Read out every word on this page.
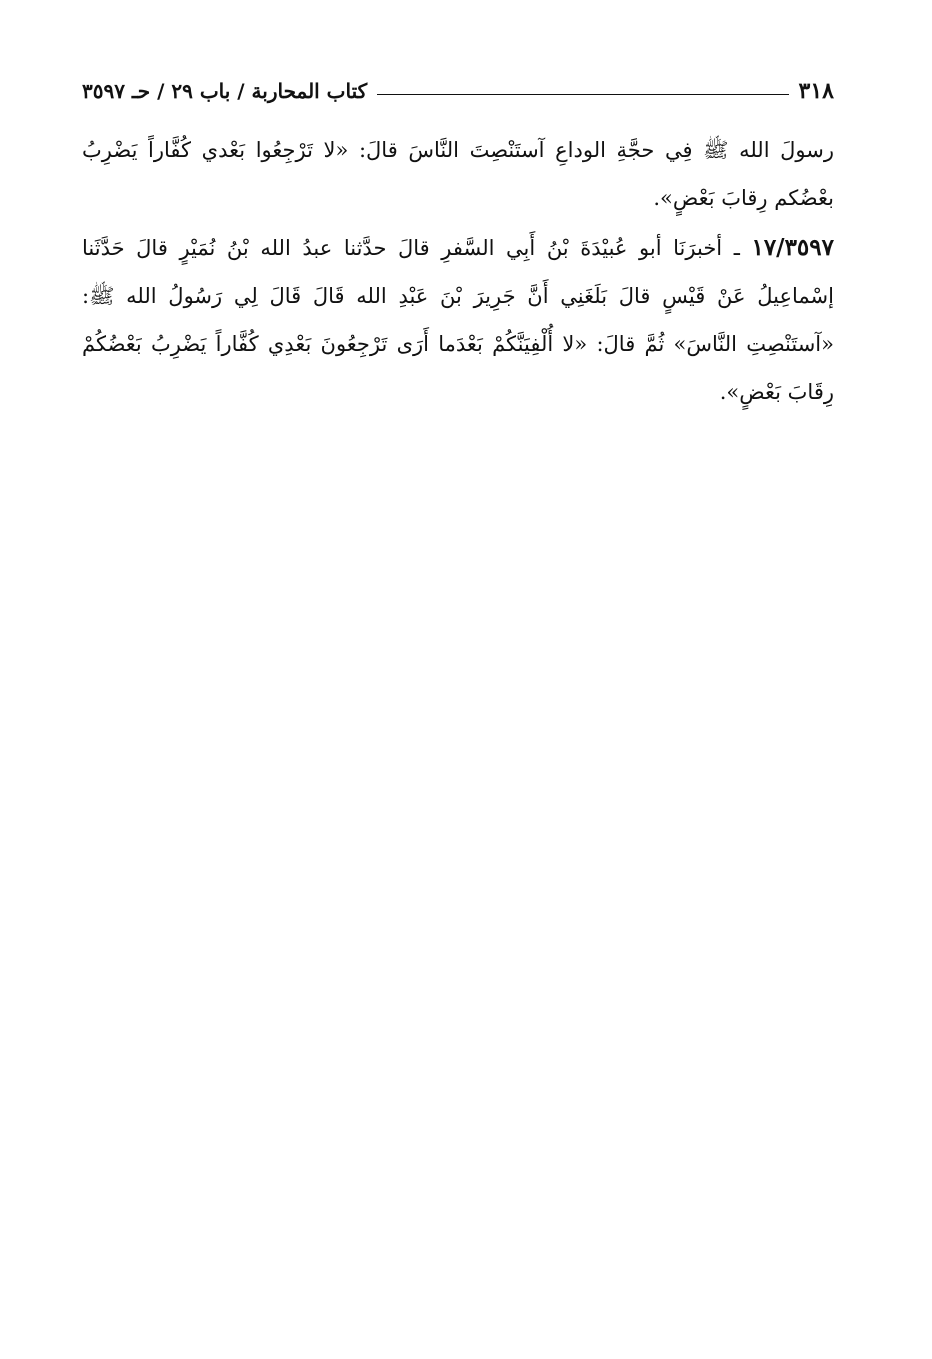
٣١٨
كتاب المحاربة / باب ٢٩ / حـ ٣٥٩٧

رسولَ الله ﷺ فِي حجَّةِ الوداعِ آستَنْصِتَ النَّاسَ قالَ: «لا تَرْجِعُوا بَعْدي كُفَّاراً يَضْرِبُ بعْضُكم رِقابَ بَعْضٍ».

١٧/٣٥٩٧ ـ أخبرَنَا أبو عُبيْدَةَ بْنُ أَبِي السَّفرِ قالَ حدَّثنا عبدُ الله بْنُ نُمَيْرٍ قالَ حَدَّثَنا إسْماعِيلُ عَنْ قَيْسٍ قالَ بَلَغَنِي أَنَّ جَرِيرَ بْنَ عَبْدِ الله قَالَ قَالَ لِي رَسُولُ الله ﷺ: «آستَنْصِتِ النَّاسَ» ثُمَّ قالَ: «لا أُلْفِيَنَّكُمْ بَعْدَما أَرَى تَرْجِعُونَ بَعْدِي كُفَّاراً يَضْرِبُ بَعْضُكُمْ رِقَابَ بَعْضٍ».
